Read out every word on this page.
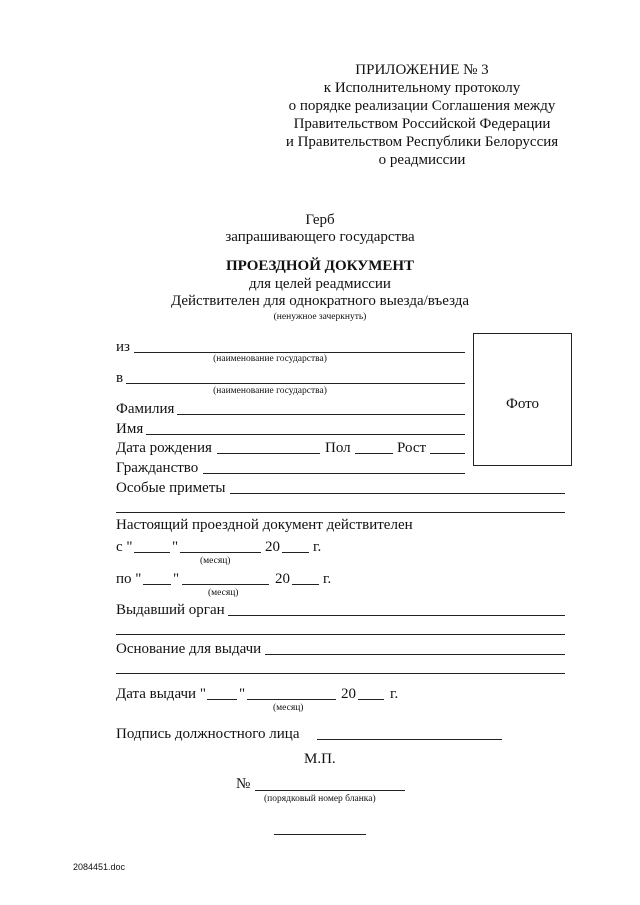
ПРИЛОЖЕНИЕ № 3
к Исполнительному протоколу
о порядке реализации Соглашения между
Правительством Российской Федерации
и Правительством Республики Белоруссия
о реадмиссии
Герб
запрашивающего государства
ПРОЕЗДНОЙ ДОКУМЕНТ
для целей реадмиссии
Действителен для однократного выезда/въезда
(ненужное зачеркнуть)
Фото
из
(наименование государства)
в
(наименование государства)
Фамилия
Имя
Дата рождения	Пол	Рост
Гражданство
Особые приметы
Настоящий проездной документ действителен
с "	"	20 г.
(месяц)
по " "	20 г.
(месяц)
Выдавший орган
Основание для выдачи
Дата выдачи " "	20 г.
(месяц)
Подпись должностного лица
М.П.
№
(порядковый номер бланка)
2084451.doc
